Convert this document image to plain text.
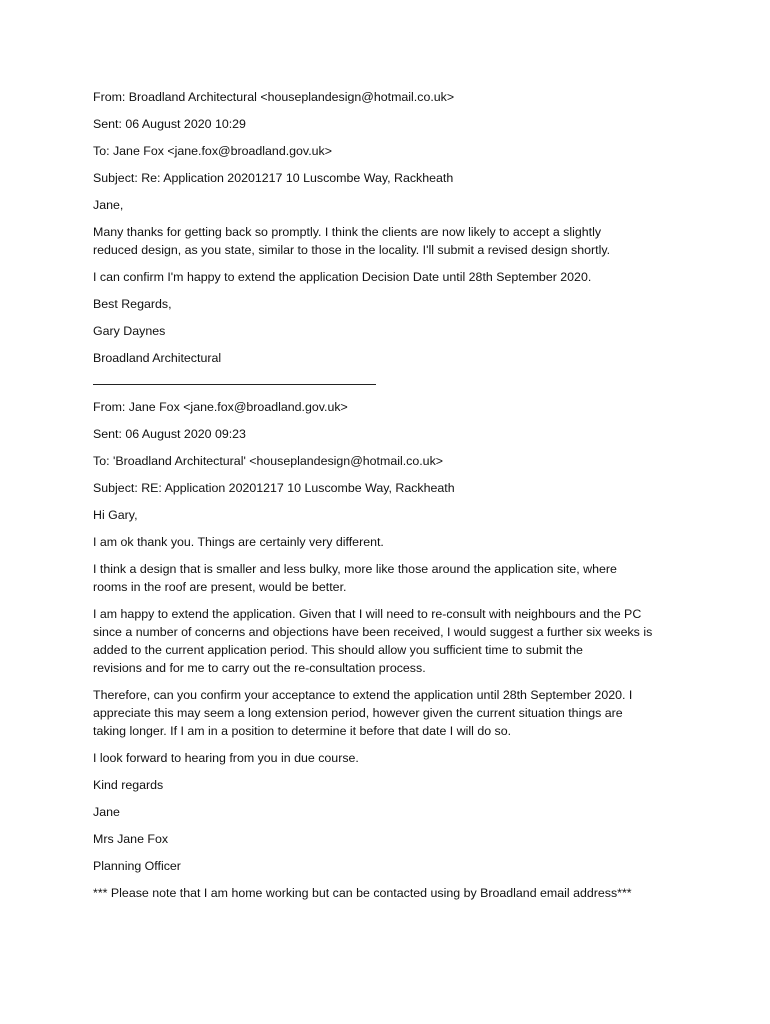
From: Broadland Architectural <houseplandesign@hotmail.co.uk>
Sent: 06 August 2020 10:29
To: Jane Fox <jane.fox@broadland.gov.uk>
Subject: Re: Application 20201217 10 Luscombe Way, Rackheath
Jane,
Many thanks for getting back so promptly. I think the clients are now likely to accept a slightly
reduced design, as you state, similar to those in the locality. I'll submit a revised design shortly.
I can confirm I'm happy to extend the application Decision Date until 28th September 2020.
Best Regards,
Gary Daynes
Broadland Architectural
From: Jane Fox <jane.fox@broadland.gov.uk>
Sent: 06 August 2020 09:23
To: 'Broadland Architectural' <houseplandesign@hotmail.co.uk>
Subject: RE: Application 20201217 10 Luscombe Way, Rackheath
Hi Gary,
I am ok thank you. Things are certainly very different.
I think a design that is smaller and less bulky, more like those around the application site, where
rooms in the roof are present, would be better.
I am happy to extend the application. Given that I will need to re-consult with neighbours and the PC
since a number of concerns and objections have been received, I would suggest a further six weeks is
added to the current application period. This should allow you sufficient time to submit the
revisions and for me to carry out the re-consultation process.
Therefore, can you confirm your acceptance to extend the application until 28th September 2020. I
appreciate this may seem a long extension period, however given the current situation things are
taking longer. If I am in a position to determine it before that date I will do so.
I look forward to hearing from you in due course.
Kind regards
Jane
Mrs Jane Fox
Planning Officer
*** Please note that I am home working but can be contacted using by Broadland email address***
